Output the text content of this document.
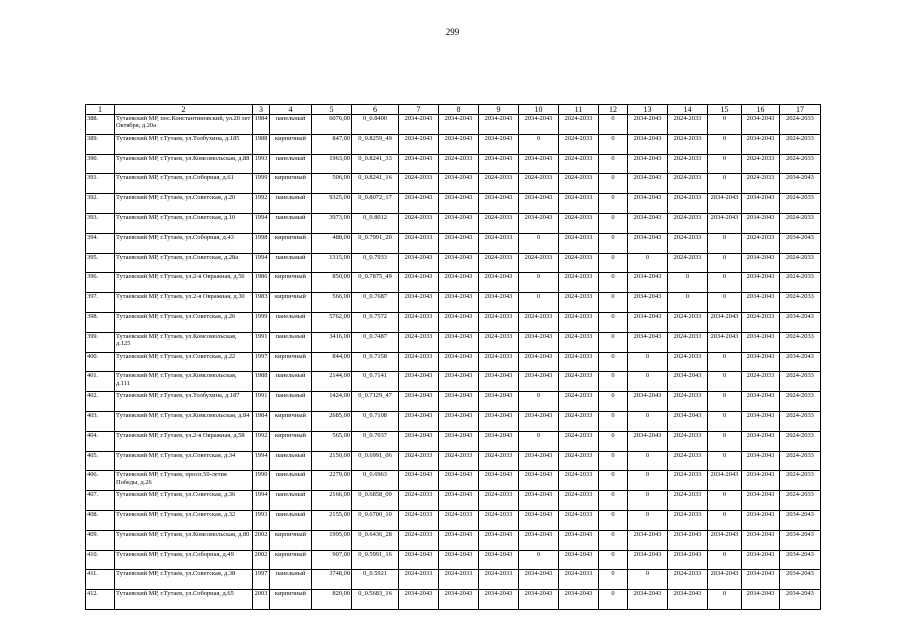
299
1	2	3	4	5	6	7	8	9	10	11	12	13	14	15	16	17
388.	Тутаевский МР, пос.Константиновский, ул.20 лет Октября, д.20а	1984	панельный	6076,00	0_0.8400	2034-2043	2034-2043	2034-2043	2034-2043	2024-2033	0	2034-2043	2024-2033	0	2034-2043	2024-2033
389.	Тутаевский МР, г.Тутаев, ул.Толбухина, д.185	1988	кирпичный	847,00	0_0.8259_49	2034-2043	2034-2043	2034-2043	0	2024-2033	0	2034-2043	2024-2033	0	2034-2043	2024-2033
390.	Тутаевский МР, г.Тутаев, ул.Комсомольская, д.88	1993	панельный	1963,00	0_0.8241_33	2034-2043	2024-2033	2034-2043	2034-2043	2024-2033	0	2034-2043	2024-2033	0	2024-2033	2024-2033
391.	Тутаевский МР, г.Тутаев, ул.Соборная, д.61	1999	кирпичный	506,00	0_0.8241_16	2024-2033	2034-2043	2024-2033	2024-2033	2024-2033	0	2034-2043	2024-2033	0	2024-2033	2034-2043
392.	Тутаевский МР, г.Тутаев, ул.Советская, д.20	1992	панельный	9325,00	0_0.8072_17	2034-2043	2034-2043	2034-2043	2034-2043	2024-2033	0	2034-2043	2024-2033	2034-2043	2034-2043	2024-2033
393.	Тутаевский МР, г.Тутаев, ул.Советская, д.10	1994	панельный	3973,00	0_0.8012	2024-2033	2034-2043	2024-2033	2034-2043	2024-2033	0	2034-2043	2024-2033	2034-2043	2034-2043	2024-2033
394.	Тутаевский МР, г.Тутаев, ул.Соборная, д.43	1998	кирпичный	488,00	0_0.7991_20	2024-2033	2034-2043	2024-2033	0	2024-2033	0	2034-2043	2024-2033	0	2024-2033	2034-2043
395.	Тутаевский МР, г.Тутаев, ул.Советская, д.28а	1994	панельный	1315,00	0_0.7933	2034-2043	2034-2043	2024-2033	2024-2033	2024-2033	0	0	2024-2033	0	2034-2043	2024-2033
396.	Тутаевский МР, г.Тутаев, ул.2-я Овражная, д.56	1986	кирпичный	850,00	0_0.7875_49	2034-2043	2034-2043	2034-2043	0	2024-2033	0	2034-2043	0	0	2034-2043	2024-2033
397.	Тутаевский МР, г.Тутаев, ул.2-я Овражная, д.30	1983	кирпичный	566,00	0_0.7687	2034-2043	2034-2043	2034-2043	0	2024-2033	0	2034-2043	0	0	2034-2043	2024-2033
398.	Тутаевский МР, г.Тутаев, ул.Советская, д.26	1999	панельный	5762,00	0_0.7572	2024-2033	2034-2043	2024-2033	2024-2033	2024-2033	0	2034-2043	2024-2033	2034-2043	2024-2033	2034-2043
399.	Тутаевский МР, г.Тутаев, ул.Комсомольская, д.125	1991	панельный	3416,00	0_0.7487	2024-2033	2034-2043	2024-2033	2034-2043	2024-2033	0	2034-2043	2024-2033	2034-2043	2034-2043	2024-2033
400.	Тутаевский МР, г.Тутаев, ул.Советская, д.22	1997	кирпичный	844,00	0_0.7158	2024-2033	2034-2043	2024-2033	2034-2043	2024-2033	0	0	2024-2033	0	2034-2043	2034-2043
401.	Тутаевский МР, г.Тутаев, ул.Комсомольская, д.111	1988	панельный	2144,00	0_0.7141	2034-2043	2034-2043	2034-2043	2034-2043	2024-2033	0	0	2034-2043	0	2024-2033	2024-2033
402.	Тутаевский МР, г.Тутаев, ул.Толбухина, д.187	1991	панельный	1424,00	0_0.7129_47	2034-2043	2034-2043	2034-2043	0	2024-2033	0	2034-2043	2024-2033	0	2034-2043	2024-2033
403.	Тутаевский МР, г.Тутаев, ул.Комсомольская, д.84	1984	кирпичный	2685,00	0_0.7108	2034-2043	2034-2043	2034-2043	2034-2043	2024-2033	0	0	2034-2043	0	2034-2043	2024-2033
404.	Тутаевский МР, г.Тутаев, ул.2-я Овражная, д.58	1992	кирпичный	565,00	0_0.7037	2034-2043	2034-2043	2034-2043	0	2024-2033	0	2034-2043	2024-2033	0	2034-2043	2024-2033
405.	Тутаевский МР, г.Тутаев, ул.Советская, д.34	1994	панельный	2150,00	0_0.6991_06	2024-2033	2024-2033	2024-2033	2034-2043	2024-2033	0	0	2024-2033	0	2034-2043	2024-2033
406.	Тутаевский МР, г.Тутаев, просп.50-летия Победы, д.26	1990	панельный	2279,00	0_0.6963	2034-2043	2034-2043	2034-2043	2034-2043	2024-2033	0	0	2024-2033	2034-2043	2034-2043	2024-2033
407.	Тутаевский МР, г.Тутаев, ул.Советская, д.36	1994	панельный	2166,00	0_0.6858_09	2024-2033	2034-2043	2024-2033	2034-2043	2024-2033	0	0	2024-2033	0	2034-2043	2024-2033
408.	Тутаевский МР, г.Тутаев, ул.Советская, д.32	1993	панельный	2155,00	0_0.6700_10	2024-2033	2024-2033	2024-2033	2034-2043	2024-2033	0	0	2024-2033	0	2034-2043	2034-2043
409.	Тутаевский МР, г.Тутаев, ул.Комсомольская, д.80	2002	кирпичный	1995,00	0_0.6436_28	2024-2033	2034-2043	2034-2043	2034-2043	2034-2043	0	2034-2043	2034-2043	2034-2043	2034-2043	2034-2043
410.	Тутаевский МР, г.Тутаев, ул.Соборная, д.49	2002	кирпичный	907,00	0_0.5991_16	2034-2043	2034-2043	2034-2043	0	2034-2043	0	2034-2043	2034-2043	0	2034-2043	2034-2043
411.	Тутаевский МР, г.Тутаев, ул.Советская, д.38	1997	панельный	3748,00	0_0.5921	2024-2033	2024-2033	2024-2033	2034-2043	2024-2033	0	0	2024-2033	2034-2043	2034-2043	2034-2043
412.	Тутаевский МР, г.Тутаев, ул.Соборная, д.65	2003	кирпичный	820,00	0_0.5683_16	2034-2043	2034-2043	2034-2043	2034-2043	2034-2043	0	2034-2043	2034-2043	0	2034-2043	2034-2043
